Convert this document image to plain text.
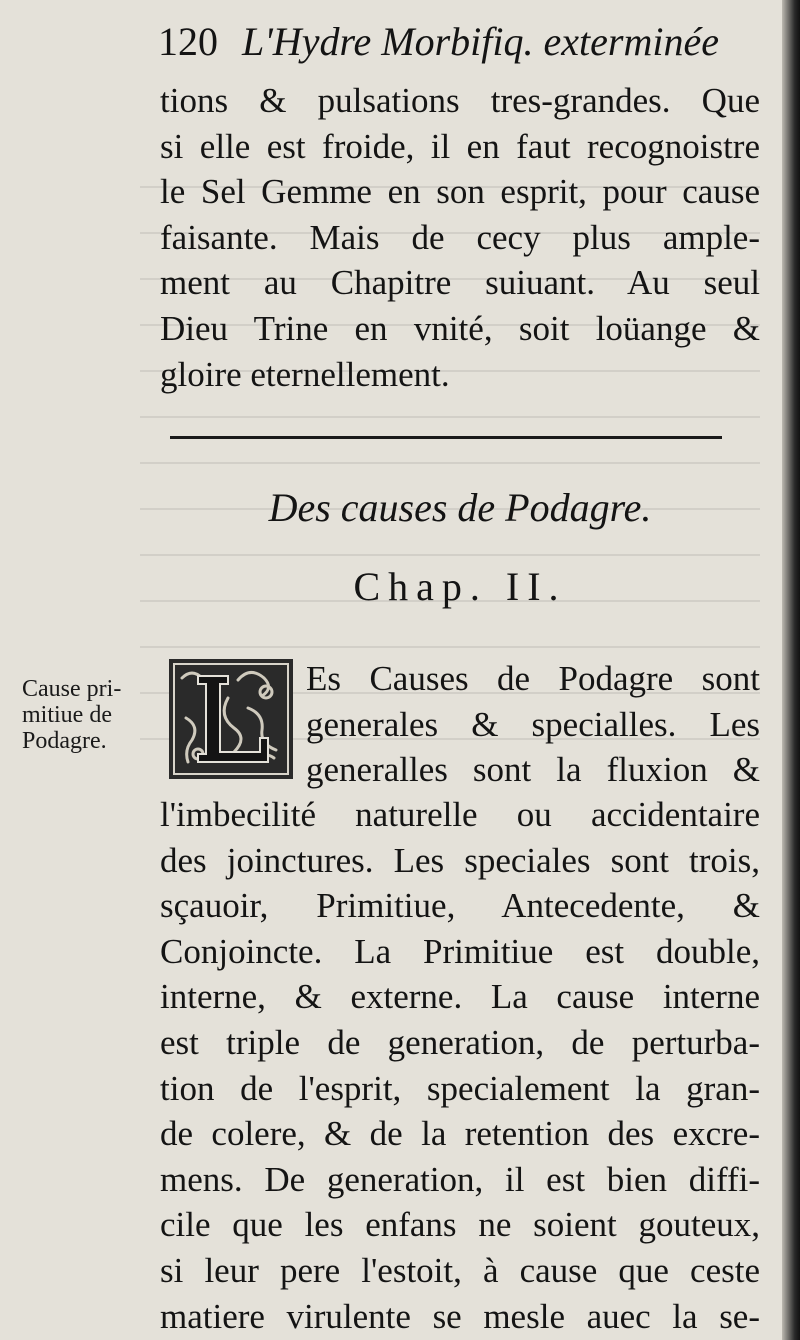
120 L'Hydre Morbifiq. exterminée
tions & pulsations tres-grandes. Que
si elle est froide, il en faut recognoistre
le Sel Gemme en son esprit, pour cause
faisante. Mais de cecy plus ample-
ment au Chapitre suiuant. Au seul
Dieu Trine en vnité, soit loüange &
gloire eternellement.
Des causes de Podagre.
Chap. II.
Cause pri-
mitiue de
Podagre.
L
Es Causes de Podagre sont
generales & specialles. Les
generalles sont la fluxion &
l'imbecilité naturelle ou accidentaire
des joinctures. Les speciales sont trois,
sçauoir, Primitiue, Antecedente, &
Conjoincte. La Primitiue est double,
interne, & externe. La cause interne
est triple de generation, de perturba-
tion de l'esprit, specialement la gran-
de colere, & de la retention des excre-
mens. De generation, il est bien diffi-
cile que les enfans ne soient gouteux,
si leur pere l'estoit, à cause que ceste
matiere virulente se mesle auec la se-
